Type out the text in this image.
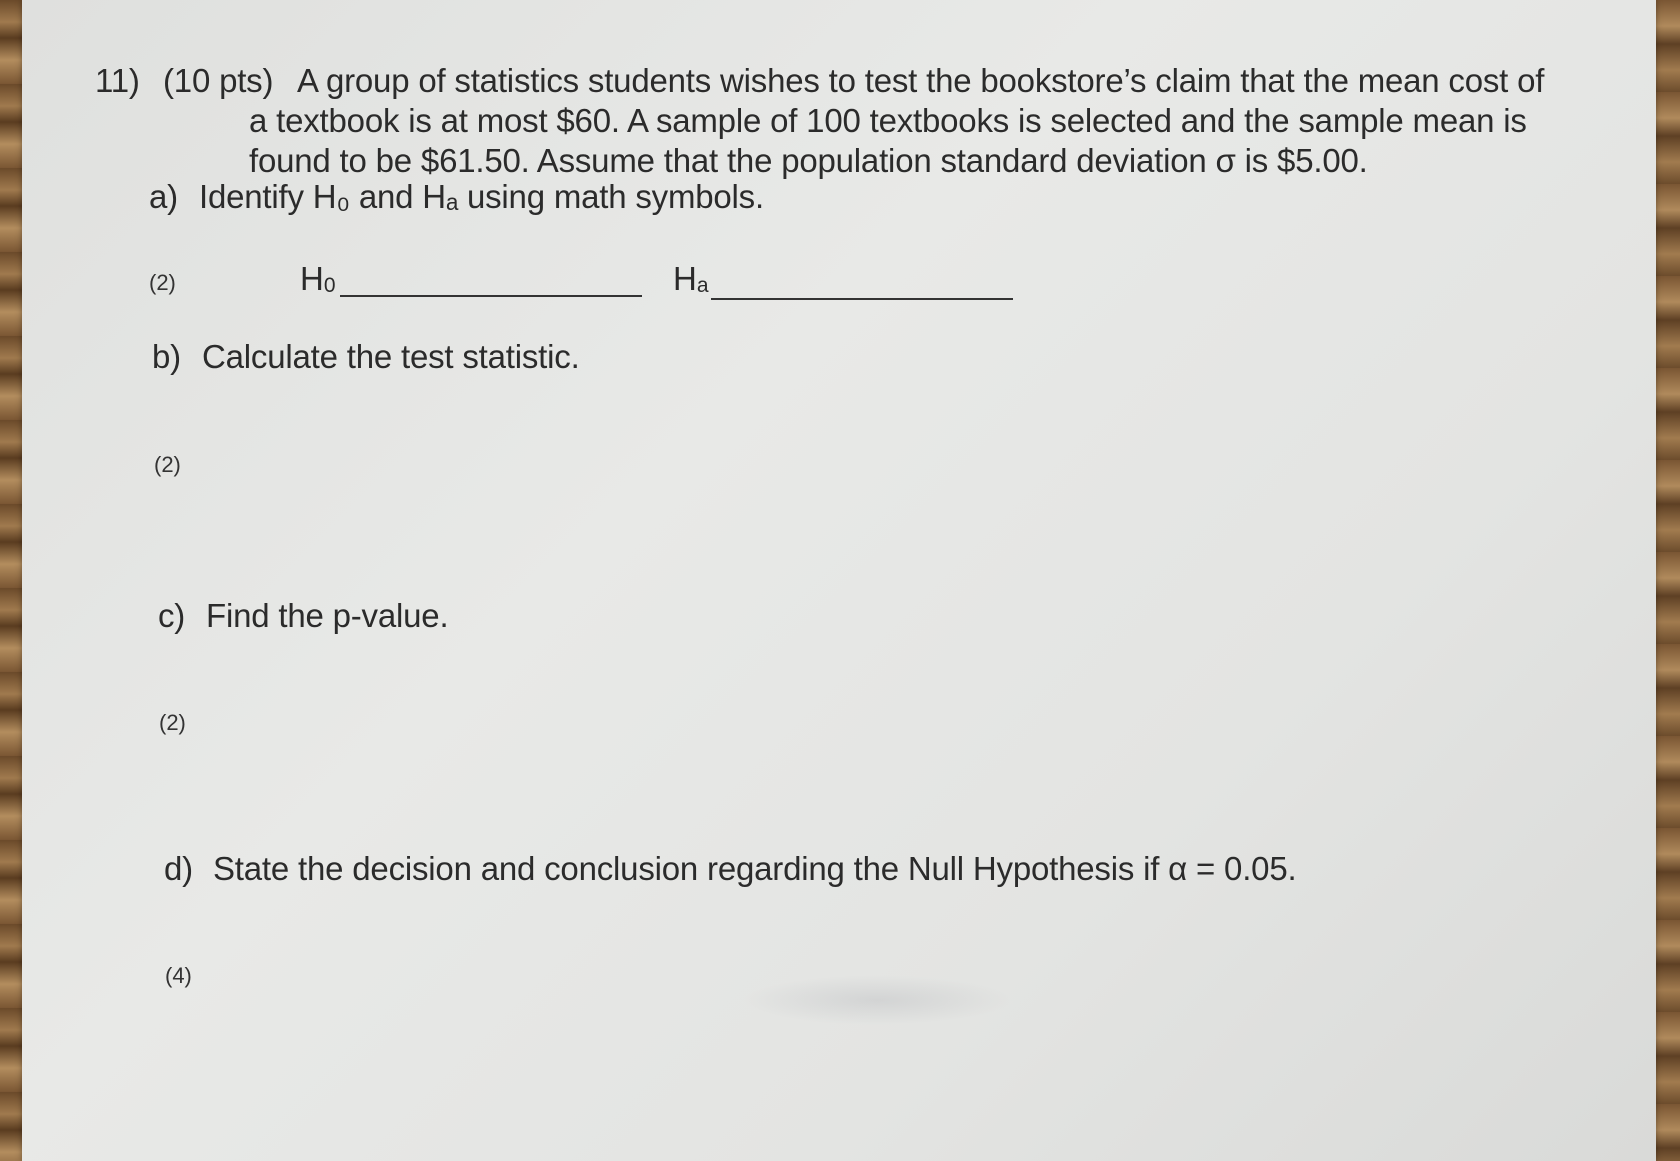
11) (10 pts) A group of statistics students wishes to test the bookstore’s claim that the mean cost of
a textbook is at most $60. A sample of 100 textbooks is selected and the sample mean is
found to be $61.50. Assume that the population standard deviation σ is $5.00.
a) Identify H₀ and Hₐ using math symbols.
(2)	$H_0$	$H_a$
b) Calculate the test statistic.
(2)
c) Find the p-value.
(2)
d) State the decision and conclusion regarding the Null Hypothesis if α = 0.05.
(4)
